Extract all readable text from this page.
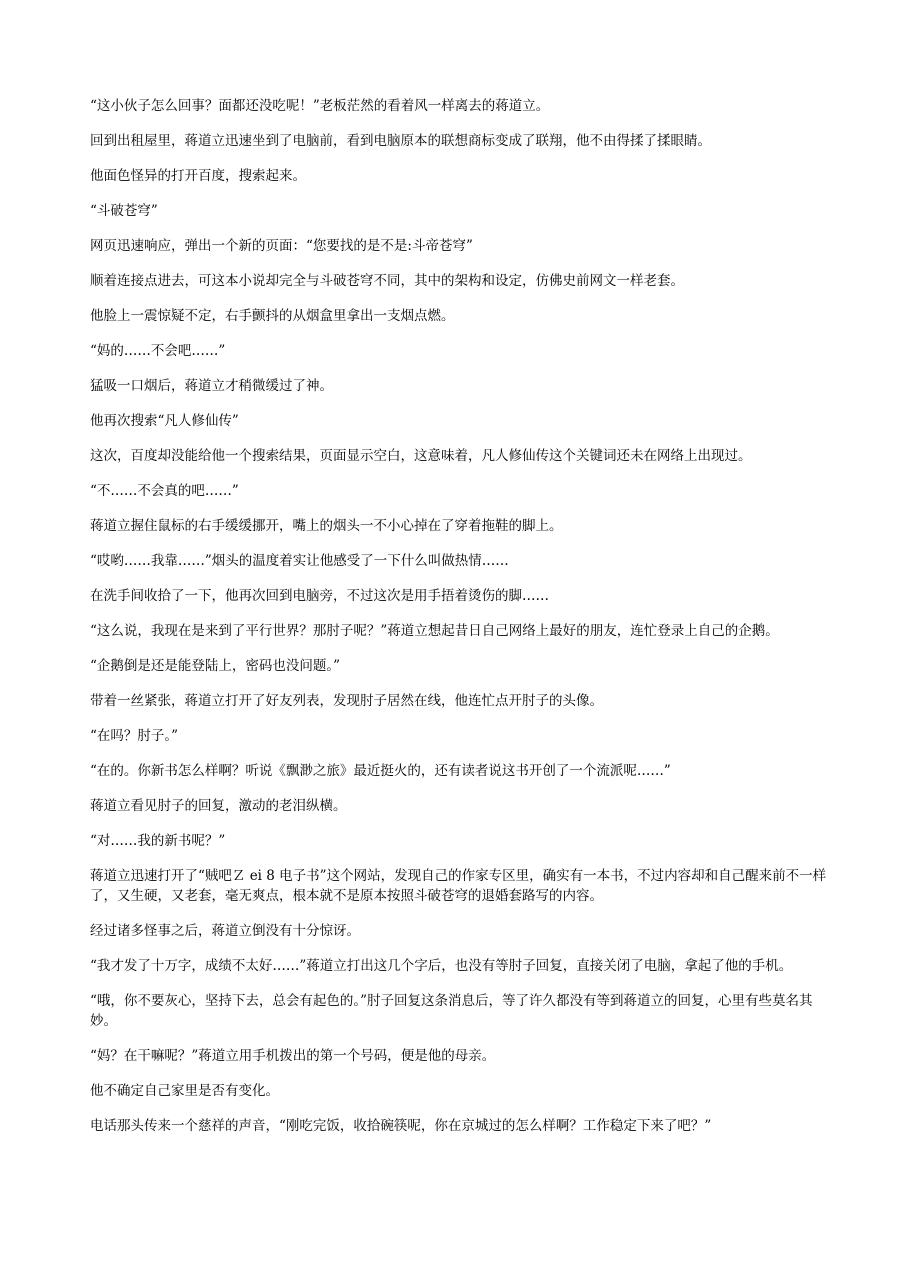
“这小伙子怎么回事？面都还没吃呢！”老板茫然的看着风一样离去的蒋道立。

回到出租屋里，蒋道立迅速坐到了电脑前，看到电脑原本的联想商标变成了联翔，他不由得揉了揉眼睛。

他面色怪异的打开百度，搜索起来。

“斗破苍穹”

网页迅速响应，弹出一个新的页面：“您要找的是不是:斗帝苍穹”

顺着连接点进去，可这本小说却完全与斗破苍穹不同，其中的架构和设定，仿佛史前网文一样老套。

他脸上一震惊疑不定，右手颤抖的从烟盒里拿出一支烟点燃。

“妈的……不会吧……”

猛吸一口烟后，蒋道立才稍微缓过了神。

他再次搜索“凡人修仙传”

这次，百度却没能给他一个搜索结果，页面显示空白，这意味着，凡人修仙传这个关键词还未在网络上出现过。

“不……不会真的吧……”

蒋道立握住鼠标的右手缓缓挪开，嘴上的烟头一不小心掉在了穿着拖鞋的脚上。

“哎哟……我靠……”烟头的温度着实让他感受了一下什么叫做热情……

在洗手间收拾了一下，他再次回到电脑旁，不过这次是用手捂着烫伤的脚……

“这么说，我现在是来到了平行世界？那肘子呢？”蒋道立想起昔日自己网络上最好的朋友，连忙登录上自己的企鹅。

“企鹅倒是还是能登陆上，密码也没问题。”

带着一丝紧张，蒋道立打开了好友列表，发现肘子居然在线，他连忙点开肘子的头像。

“在吗？肘子。”

“在的。你新书怎么样啊？听说《飘渺之旅》最近挺火的，还有读者说这书开创了一个流派呢……”

蒋道立看见肘子的回复，激动的老泪纵横。

“对……我的新书呢？”

蒋道立迅速打开了“贼吧Ｚ ei 8 电子书”这个网站，发现自己的作家专区里，确实有一本书，不过内容却和自己醒来前不一样了，又生硬，又老套，毫无爽点，根本就不是原本按照斗破苍穹的退婚套路写的内容。

经过诸多怪事之后，蒋道立倒没有十分惊讶。

“我才发了十万字，成绩不太好……”蒋道立打出这几个字后，也没有等肘子回复，直接关闭了电脑，拿起了他的手机。

“哦，你不要灰心，坚持下去，总会有起色的。”肘子回复这条消息后，等了许久都没有等到蒋道立的回复，心里有些莫名其妙。

“妈？在干嘛呢？”蒋道立用手机拨出的第一个号码，便是他的母亲。

他不确定自己家里是否有变化。

电话那头传来一个慈祥的声音，“刚吃完饭，收拾碗筷呢，你在京城过的怎么样啊？工作稳定下来了吧？”
